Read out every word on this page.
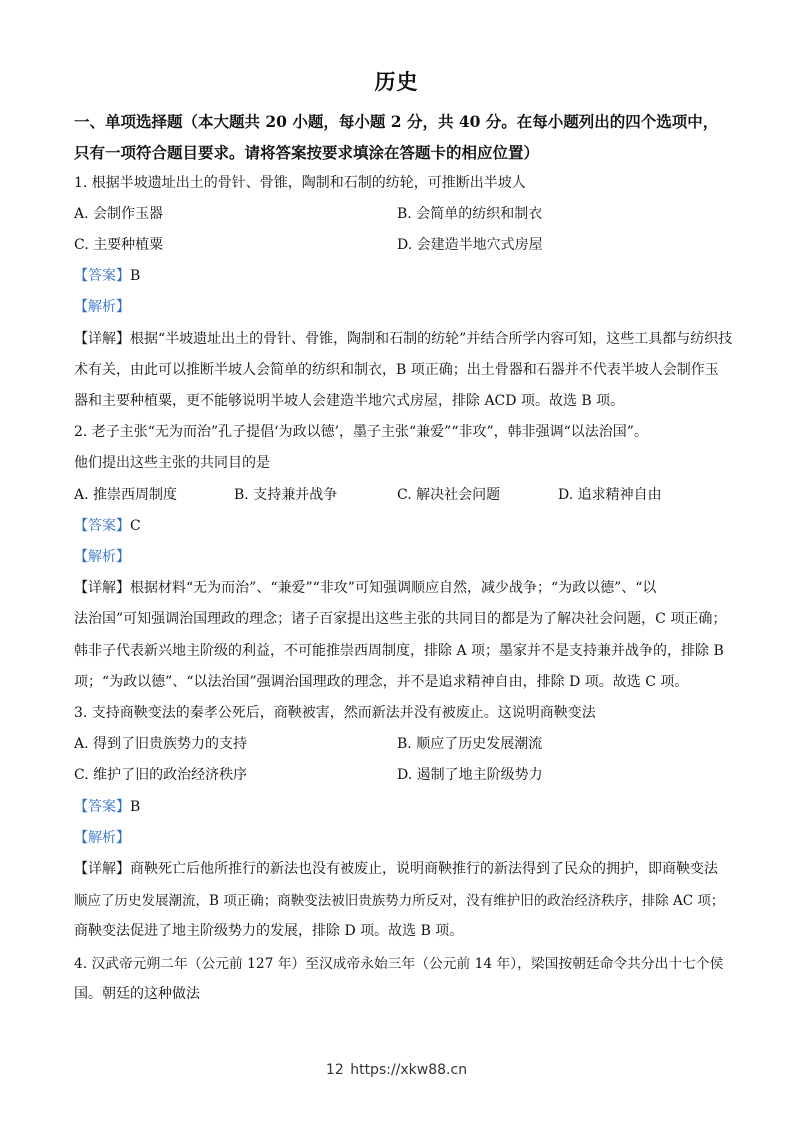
历史
一、单项选择题（本大题共 20 小题，每小题 2 分，共 40 分。在每小题列出的四个选项中，只有一项符合题目要求。请将答案按要求填涂在答题卡的相应位置）
1. 根据半坡遗址出土的骨针、骨锥，陶制和石制的纺轮，可推断出半坡人
A. 会制作玉器	B. 会简单的纺织和制衣
C. 主要种植粟	D. 会建造半地穴式房屋
【答案】B
【解析】
【详解】根据“半坡遗址出土的骨针、骨锥，陶制和石制的纺轮”并结合所学内容可知，这些工具都与纺织技
术有关，由此可以推断半坡人会简单的纺织和制衣，B 项正确；出土骨器和石器并不代表半坡人会制作玉
器和主要种植粟，更不能够说明半坡人会建造半地穴式房屋，排除 ACD 项。故选 B 项。
2. 老子主张“无为而治”孔子提倡‘为政以德’，墨子主张“兼爱”“非攻”，韩非强调“以法治国”。
他们提出这些主张的共同目的是
A. 推崇西周制度	B. 支持兼并战争	C. 解决社会问题	D. 追求精神自由
【答案】C
【解析】
【详解】根据材料“无为而治”、“兼爱”“非攻”可知强调顺应自然，减少战争；“为政以德”、“以
法治国”可知强调治国理政的理念；诸子百家提出这些主张的共同目的都是为了解决社会问题，C 项正确；
韩非子代表新兴地主阶级的利益，不可能推崇西周制度，排除 A 项；墨家并不是支持兼并战争的，排除 B
项；“为政以德”、“以法治国”强调治国理政的理念，并不是追求精神自由，排除 D 项。故选 C 项。
3. 支持商鞅变法的秦孝公死后，商鞅被害，然而新法并没有被废止。这说明商鞅变法
A. 得到了旧贵族势力的支持	B. 顺应了历史发展潮流
C. 维护了旧的政治经济秩序	D. 遏制了地主阶级势力
【答案】B
【解析】
【详解】商鞅死亡后他所推行的新法也没有被废止，说明商鞅推行的新法得到了民众的拥护，即商鞅变法
顺应了历史发展潮流，B 项正确；商鞅变法被旧贵族势力所反对，没有维护旧的政治经济秩序，排除 AC 项；
商鞅变法促进了地主阶级势力的发展，排除 D 项。故选 B 项。
4. 汉武帝元朔二年（公元前 127 年）至汉成帝永始三年（公元前 14 年），梁国按朝廷命令共分出十七个侯
国。朝廷的这种做法
12 https://xkw88.cn
